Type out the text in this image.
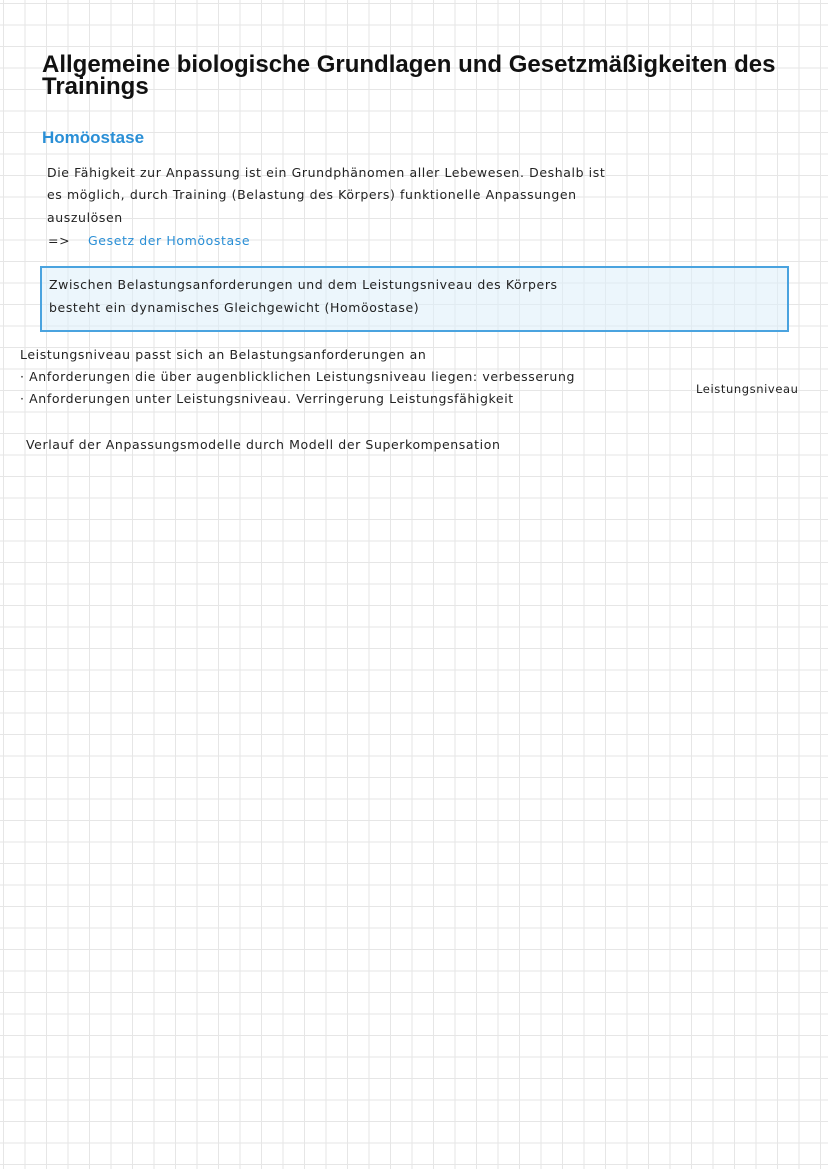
Allgemeine biologische Grundlagen und Gesetzmäßigkeiten des Trainings
Homöostase
Die Fähigkeit zur Anpassung ist ein Grundphänomen aller Lebewesen. Deshalb ist
es möglich, durch Training (Belastung des Körpers) funktionelle Anpassungen
auszulösen
=> Gesetz der Homöostase
Zwischen Belastungsanforderungen und dem Leistungsniveau des Körpers
besteht ein dynamisches Gleichgewicht (Homöostase)
Leistungsniveau passt sich an Belastungsanforderungen an
· Anforderungen die über augenblicklichen Leistungsniveau liegen: verbesserung
Leistungsniveau
· Anforderungen unter Leistungsniveau. Verringerung Leistungsfähigkeit
Verlauf der Anpassungsmodelle durch Modell der Superkompensation
